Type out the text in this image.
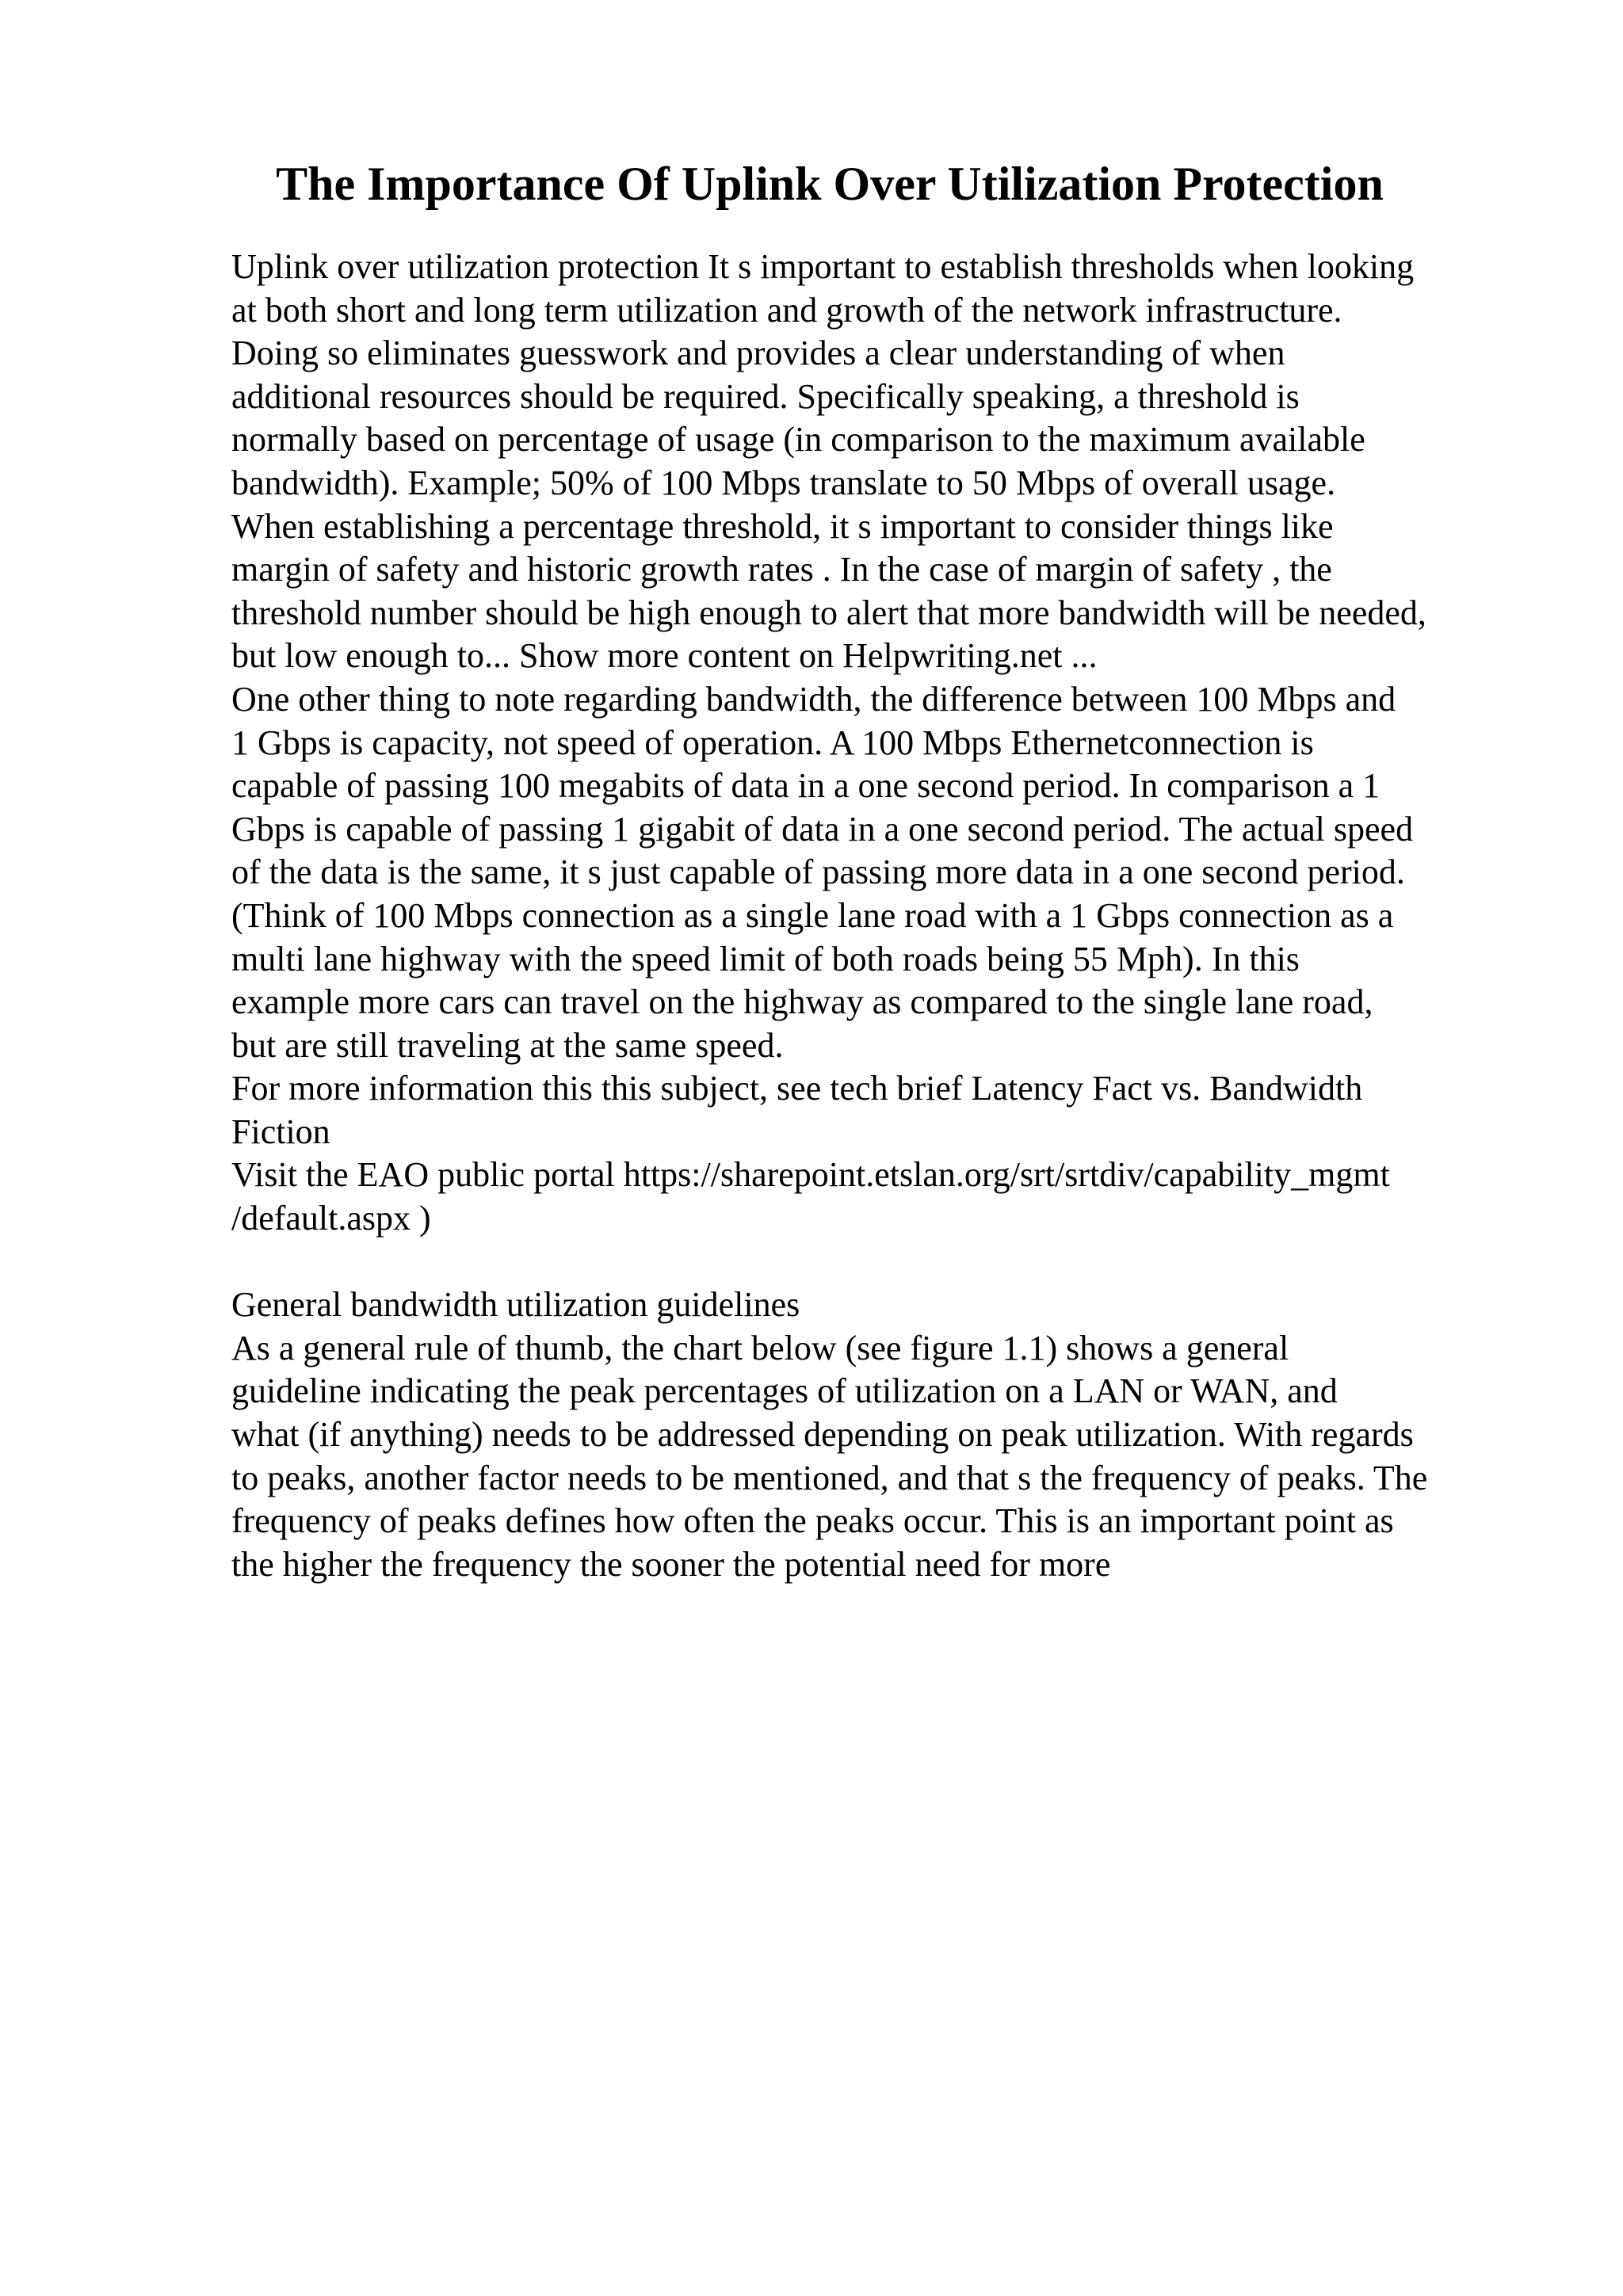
The Importance Of Uplink Over Utilization Protection
Uplink over utilization protection It s important to establish thresholds when looking
at both short and long term utilization and growth of the network infrastructure.
Doing so eliminates guesswork and provides a clear understanding of when
additional resources should be required. Specifically speaking, a threshold is
normally based on percentage of usage (in comparison to the maximum available
bandwidth). Example; 50% of 100 Mbps translate to 50 Mbps of overall usage.
When establishing a percentage threshold, it s important to consider things like
margin of safety and historic growth rates . In the case of margin of safety , the
threshold number should be high enough to alert that more bandwidth will be needed,
but low enough to... Show more content on Helpwriting.net ...
One other thing to note regarding bandwidth, the difference between 100 Mbps and
1 Gbps is capacity, not speed of operation. A 100 Mbps Ethernetconnection is
capable of passing 100 megabits of data in a one second period. In comparison a 1
Gbps is capable of passing 1 gigabit of data in a one second period. The actual speed
of the data is the same, it s just capable of passing more data in a one second period.
(Think of 100 Mbps connection as a single lane road with a 1 Gbps connection as a
multi lane highway with the speed limit of both roads being 55 Mph). In this
example more cars can travel on the highway as compared to the single lane road,
but are still traveling at the same speed.
For more information this this subject, see tech brief Latency Fact vs. Bandwidth
Fiction
Visit the EAO public portal https://sharepoint.etslan.org/srt/srtdiv/capability_mgmt
/default.aspx )
General bandwidth utilization guidelines
As a general rule of thumb, the chart below (see figure 1.1) shows a general
guideline indicating the peak percentages of utilization on a LAN or WAN, and
what (if anything) needs to be addressed depending on peak utilization. With regards
to peaks, another factor needs to be mentioned, and that s the frequency of peaks. The
frequency of peaks defines how often the peaks occur. This is an important point as
the higher the frequency the sooner the potential need for more
